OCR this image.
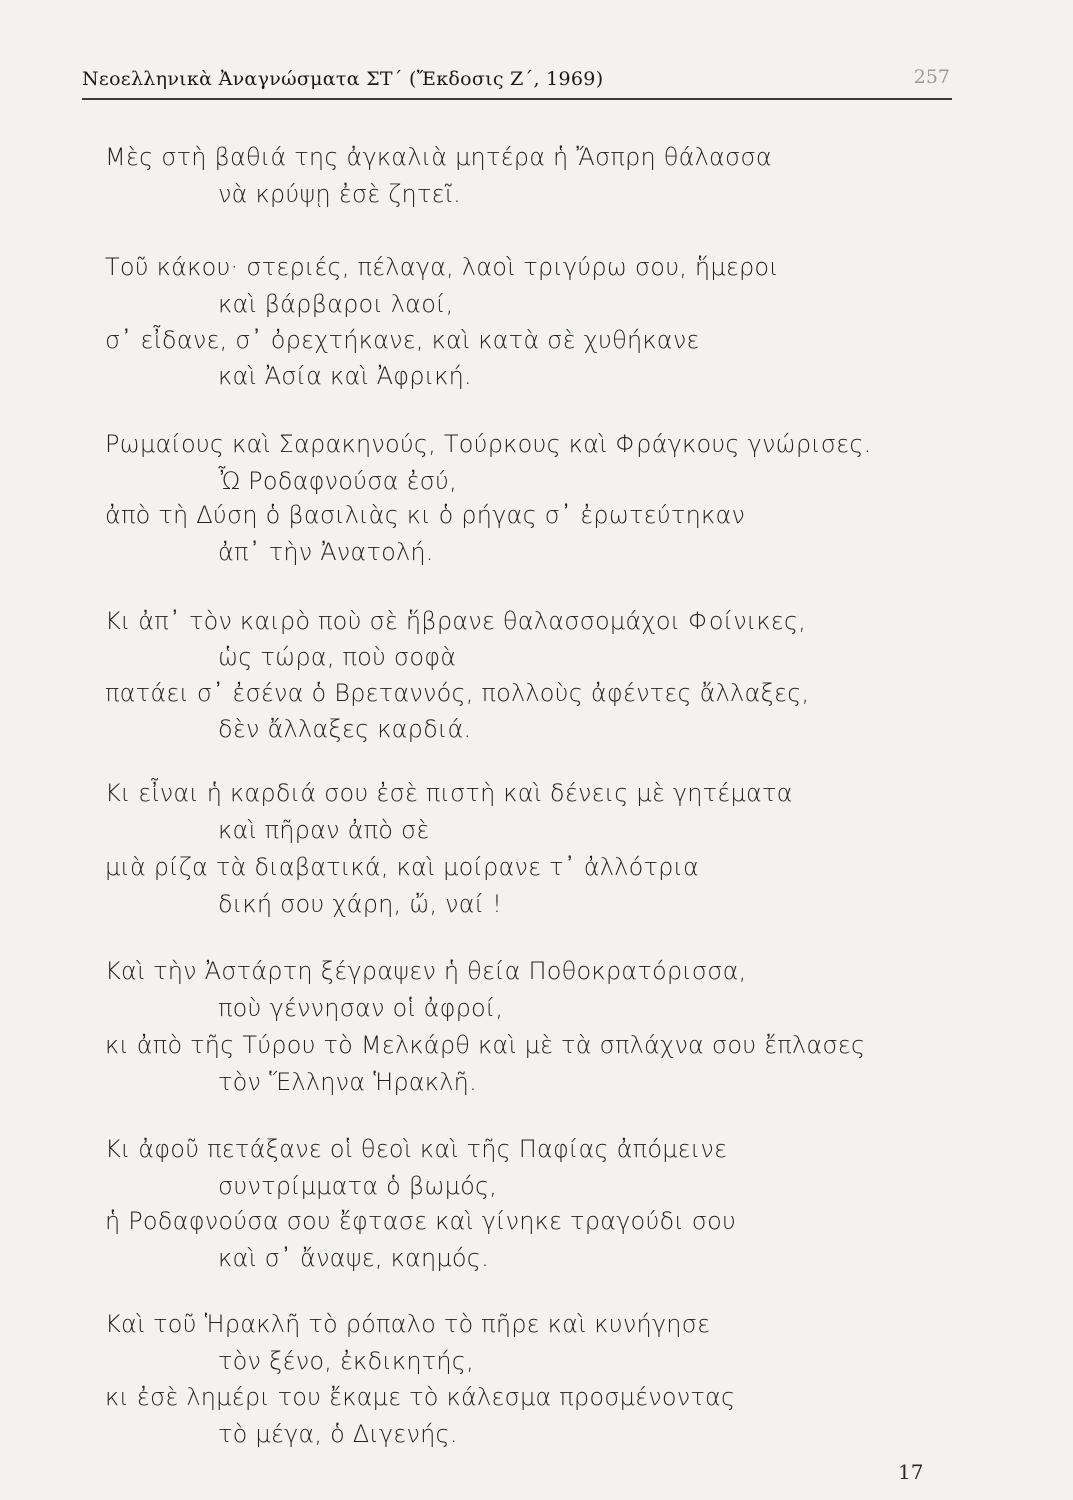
Νεοελληνικὰ Ἀναγνώσματα ΣΤ΄ (Ἔκδοσις Ζ΄, 1969)	257
Μὲς στὴ βαθιά της ἀγκαλιὰ μητέρα ἡ Ἄσπρη θάλασσα
νὰ κρύψῃ ἐσὲ ζητεῖ.
Τοῦ κάκου· στεριές, πέλαγα, λαοὶ τριγύρω σου, ἥμεροι
καὶ βάρβαροι λαοί,
σ᾽ εἶδανε, σ᾽ ὀρεχτήκανε, καὶ κατὰ σὲ χυθήκανε
καὶ Ἀσία καὶ Ἀφρική.
Ρωμαίους καὶ Σαρακηνούς, Τούρκους καὶ Φράγκους γνώρισες.
Ὦ Ροδαφνούσα ἐσύ,
ἀπὸ τὴ Δύση ὁ βασιλιὰς κι ὁ ρήγας σ᾽ ἐρωτεύτηκαν
ἀπ᾽ τὴν Ἀνατολή.
Κι ἀπ᾽ τὸν καιρὸ ποὺ σὲ ἥβρανε θαλασσομάχοι Φοίνικες,
ὡς τώρα, ποὺ σοφὰ
πατάει σ᾽ ἐσένα ὁ Βρεταννός, πολλοὺς ἀφέντες ἄλλαξες,
δὲν ἄλλαξες καρδιά.
Κι εἶναι ἡ καρδιά σου ἐσὲ πιστὴ καὶ δένεις μὲ γητέματα
καὶ πῆραν ἀπὸ σὲ
μιὰ ρίζα τὰ διαβατικά, καὶ μοίρανε τ᾽ ἀλλότρια
δική σου χάρη, ὤ, ναί !
Καὶ τὴν Ἀστάρτη ξέγραψεν ἡ θεία Ποθοκρατόρισσα,
ποὺ γέννησαν οἱ ἀφροί,
κι ἀπὸ τῆς Τύρου τὸ Μελκάρθ καὶ μὲ τὰ σπλάχνα σου ἔπλασες
τὸν Ἕλληνα Ἡρακλῆ.
Κι ἀφοῦ πετάξανε οἱ θεοὶ καὶ τῆς Παφίας ἀπόμεινε
συντρίμματα ὁ βωμός,
ἡ Ροδαφνούσα σου ἔφτασε καὶ γίνηκε τραγούδι σου
καὶ σ᾽ ἄναψε, καημός.
Καὶ τοῦ Ἡρακλῆ τὸ ρόπαλο τὸ πῆρε καὶ κυνήγησε
τὸν ξένο, ἐκδικητής,
κι ἐσὲ λημέρι του ἔκαμε τὸ κάλεσμα προσμένοντας
τὸ μέγα, ὁ Διγενής.
17
